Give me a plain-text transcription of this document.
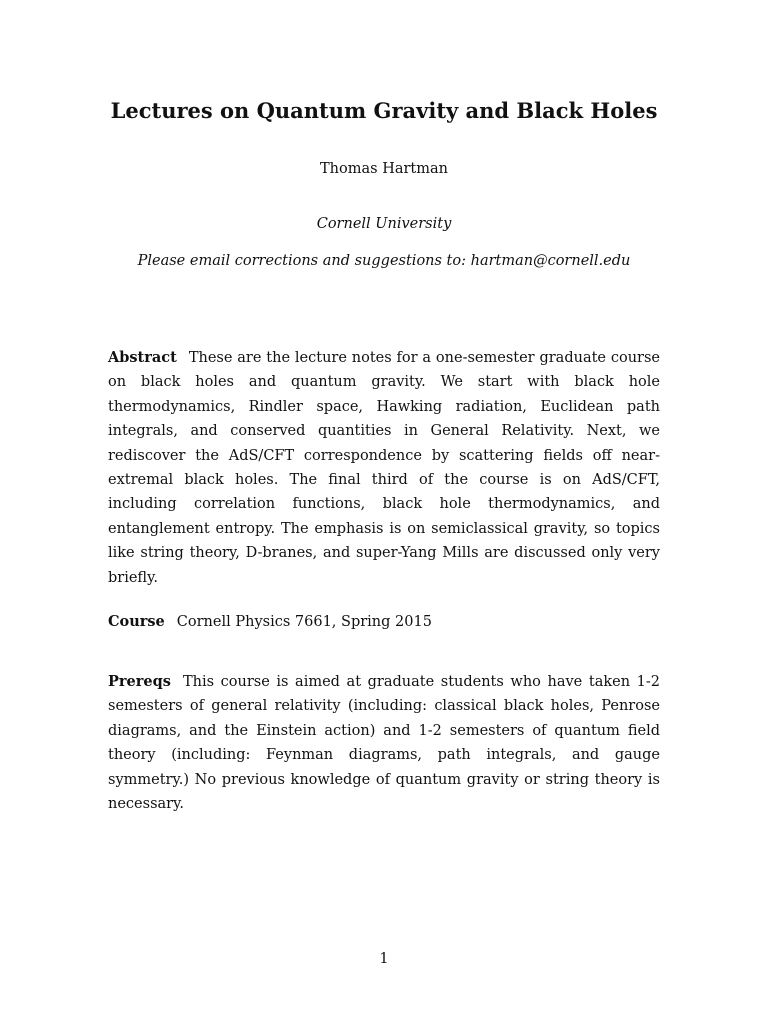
Lectures on Quantum Gravity and Black Holes
Thomas Hartman
Cornell University
Please email corrections and suggestions to: hartman@cornell.edu
Abstract These are the lecture notes for a one-semester graduate course on black holes and quantum gravity. We start with black hole thermodynamics, Rindler space, Hawking radiation, Euclidean path integrals, and conserved quantities in General Relativity. Next, we rediscover the AdS/CFT correspondence by scattering fields off near-extremal black holes. The final third of the course is on AdS/CFT, including correlation functions, black hole thermodynamics, and entanglement entropy. The emphasis is on semiclassical gravity, so topics like string theory, D-branes, and super-Yang Mills are discussed only very briefly.
Course Cornell Physics 7661, Spring 2015
Prereqs This course is aimed at graduate students who have taken 1-2 semesters of general relativity (including: classical black holes, Penrose diagrams, and the Einstein action) and 1-2 semesters of quantum field theory (including: Feynman diagrams, path integrals, and gauge symmetry.) No previous knowledge of quantum gravity or string theory is necessary.
1
